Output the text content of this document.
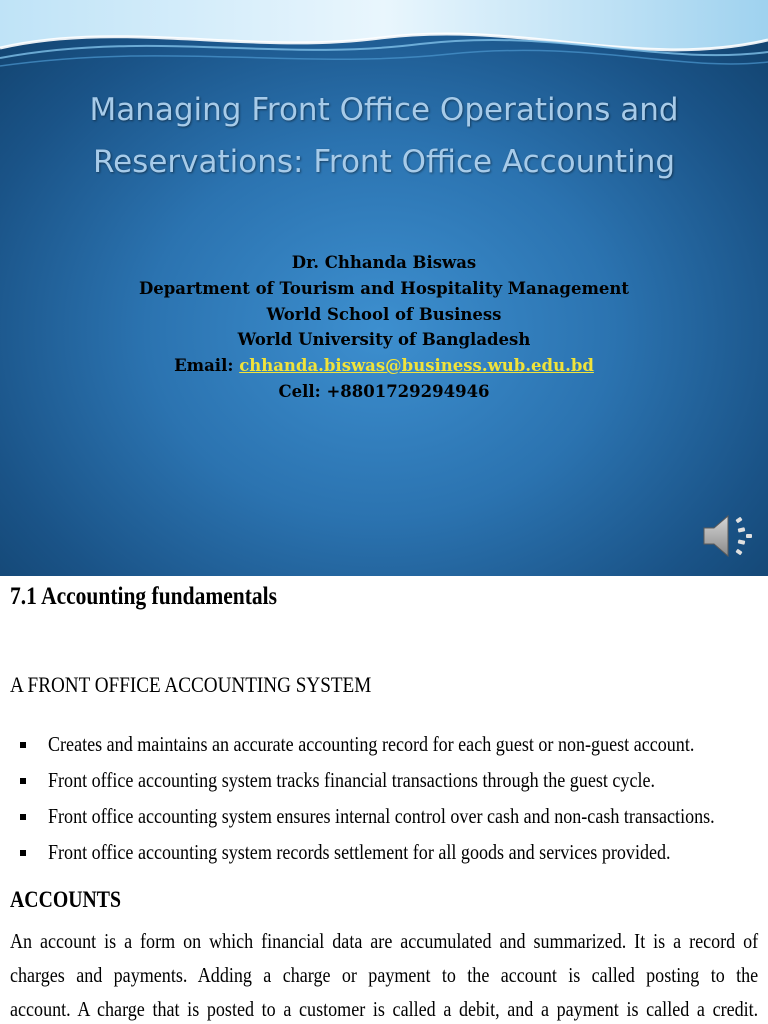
Managing Front Office Operations and Reservations: Front Office Accounting
Dr. Chhanda Biswas
Department of Tourism and Hospitality Management
World School of Business
World University of Bangladesh
Email: chhanda.biswas@business.wub.edu.bd
Cell: +8801729294946
7.1 Accounting fundamentals
A FRONT OFFICE ACCOUNTING SYSTEM
Creates and maintains an accurate accounting record for each guest or non-guest account.
Front office accounting system tracks financial transactions through the guest cycle.
Front office accounting system ensures internal control over cash and non-cash transactions.
Front office accounting system records settlement for all goods and services provided.
ACCOUNTS
An account is a form on which financial data are accumulated and summarized. It is a record of
charges and payments. Adding a charge or payment to the account is called posting to the
account. A charge that is posted to a customer is called a debit, and a payment is called a credit.
